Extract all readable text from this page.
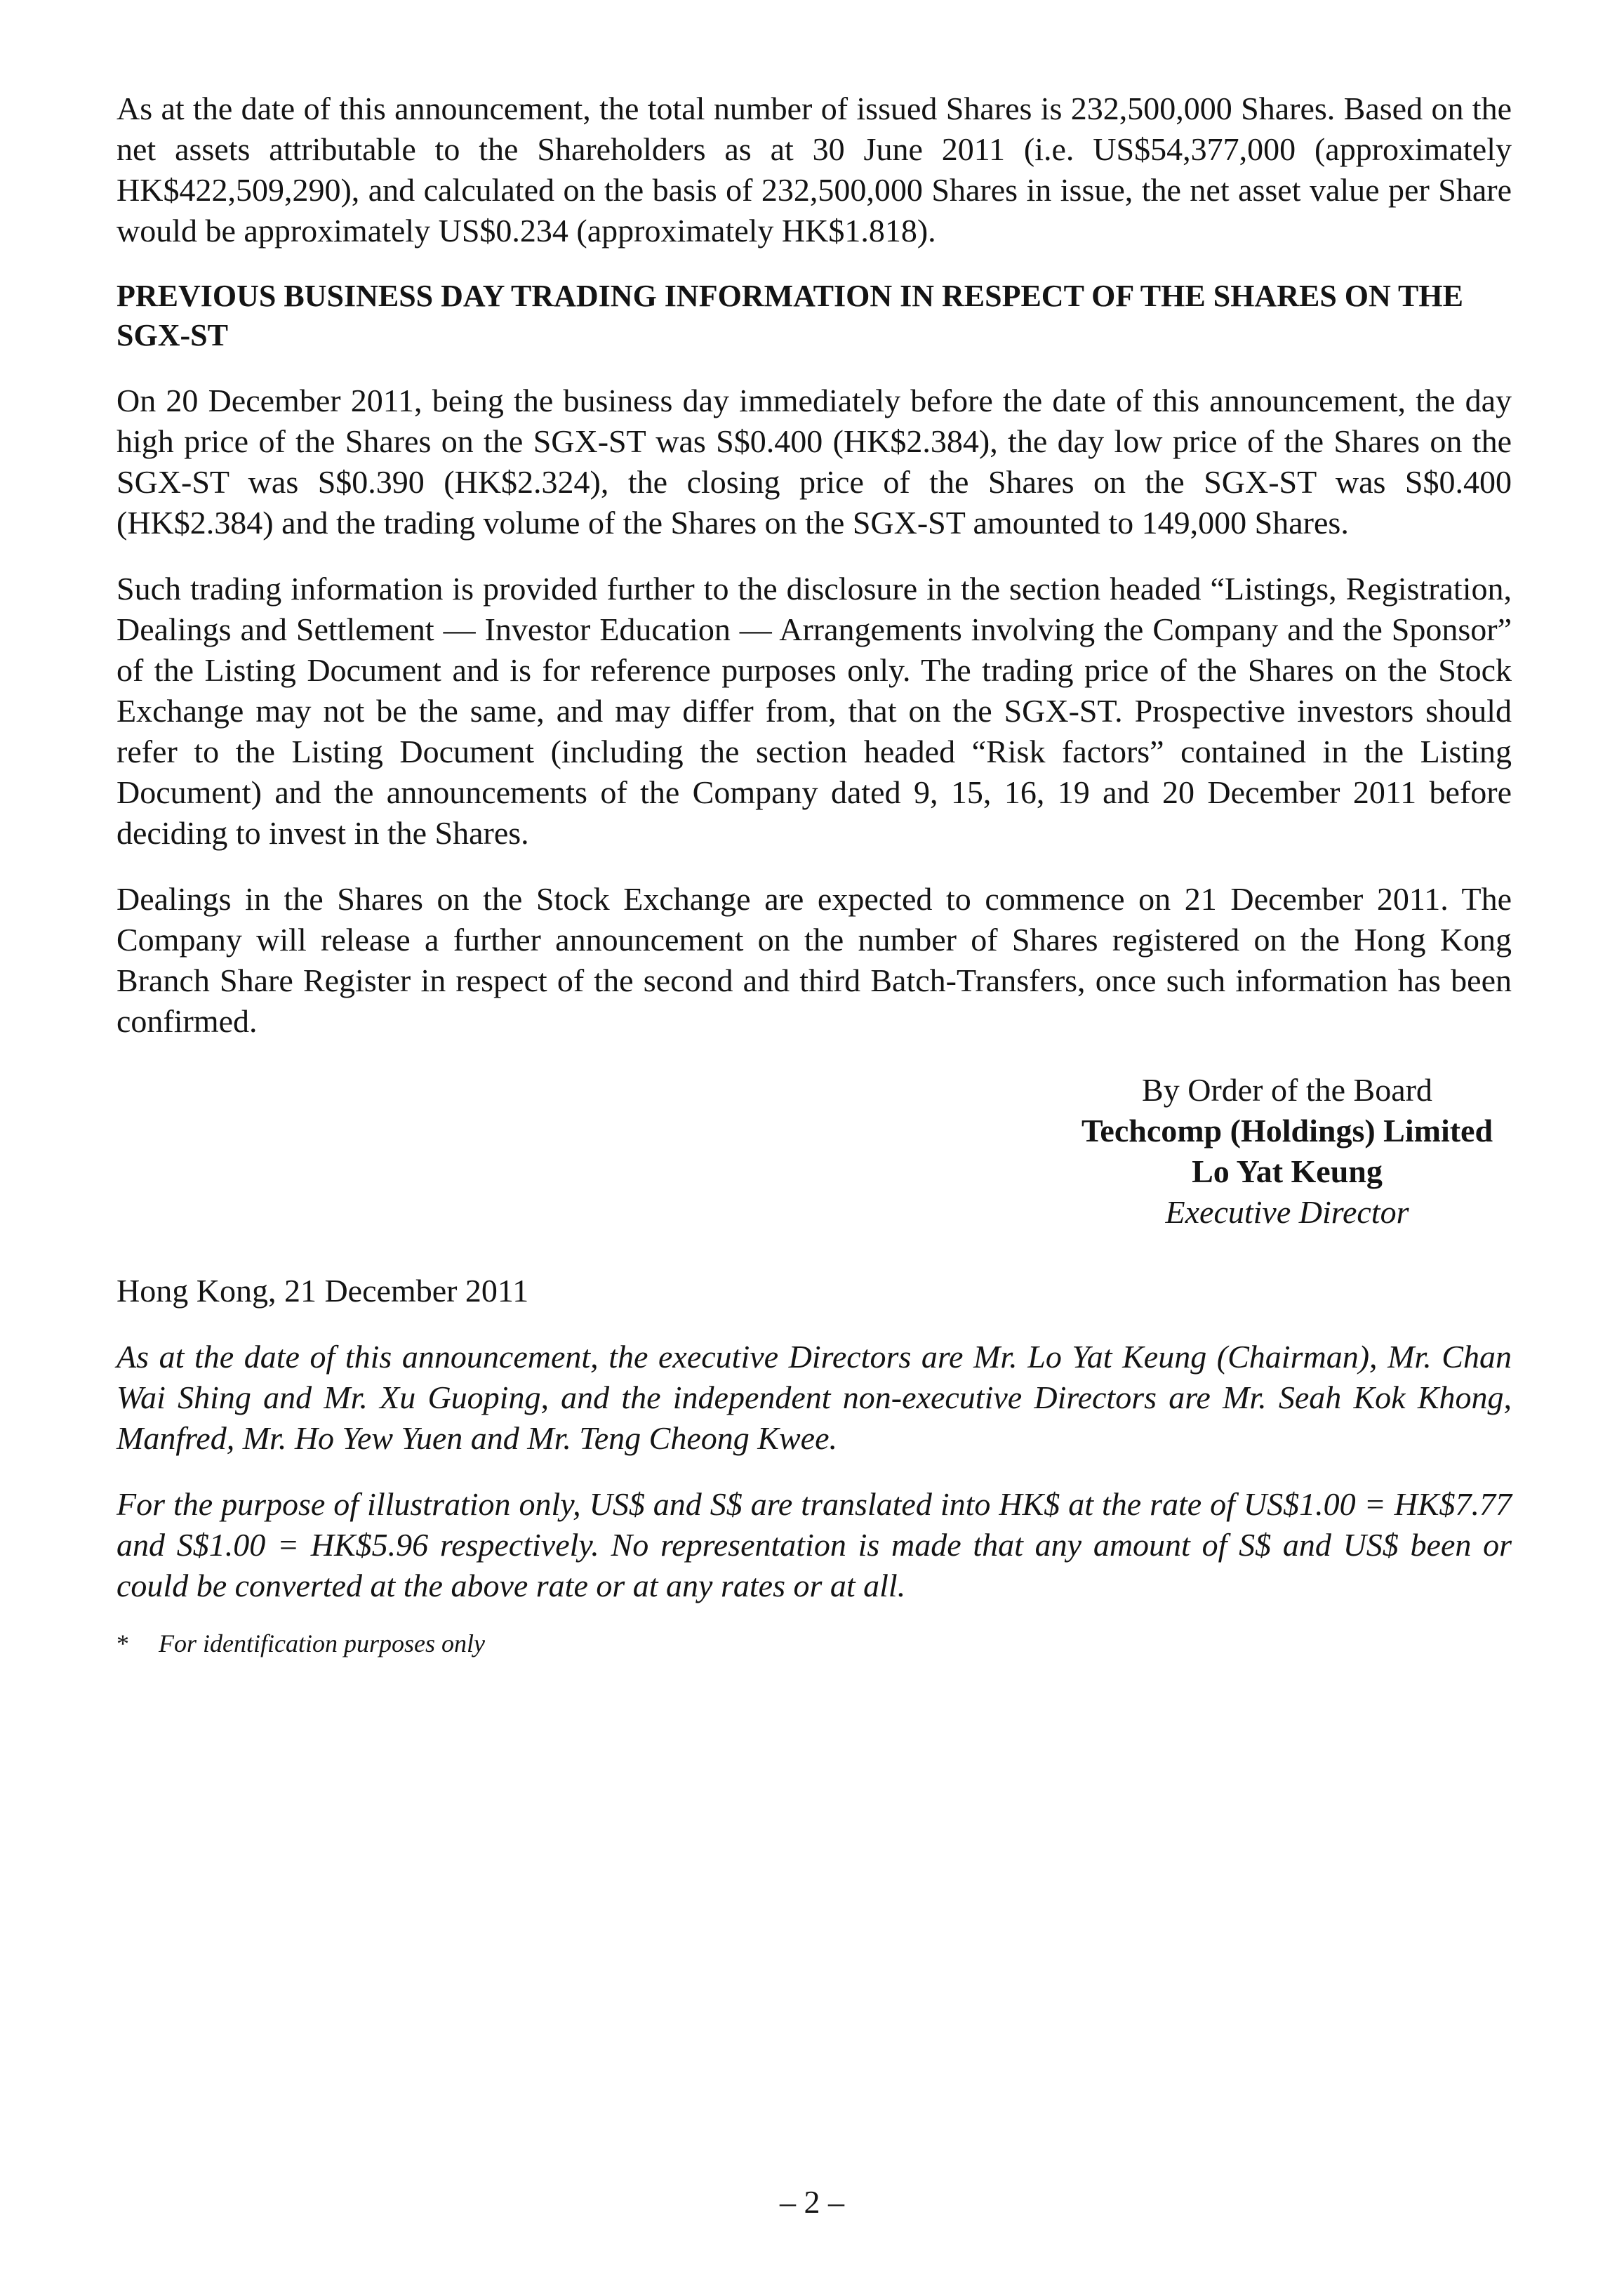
As at the date of this announcement, the total number of issued Shares is 232,500,000 Shares. Based on the net assets attributable to the Shareholders as at 30 June 2011 (i.e. US$54,377,000 (approximately HK$422,509,290), and calculated on the basis of 232,500,000 Shares in issue, the net asset value per Share would be approximately US$0.234 (approximately HK$1.818).

PREVIOUS BUSINESS DAY TRADING INFORMATION IN RESPECT OF THE SHARES ON THE SGX-ST

On 20 December 2011, being the business day immediately before the date of this announcement, the day high price of the Shares on the SGX-ST was S$0.400 (HK$2.384), the day low price of the Shares on the SGX-ST was S$0.390 (HK$2.324), the closing price of the Shares on the SGX-ST was S$0.400 (HK$2.384) and the trading volume of the Shares on the SGX-ST amounted to 149,000 Shares.

Such trading information is provided further to the disclosure in the section headed “Listings, Registration, Dealings and Settlement — Investor Education — Arrangements involving the Company and the Sponsor” of the Listing Document and is for reference purposes only. The trading price of the Shares on the Stock Exchange may not be the same, and may differ from, that on the SGX-ST. Prospective investors should refer to the Listing Document (including the section headed “Risk factors” contained in the Listing Document) and the announcements of the Company dated 9, 15, 16, 19 and 20 December 2011 before deciding to invest in the Shares.

Dealings in the Shares on the Stock Exchange are expected to commence on 21 December 2011. The Company will release a further announcement on the number of Shares registered on the Hong Kong Branch Share Register in respect of the second and third Batch-Transfers, once such information has been confirmed.

By Order of the Board
Techcomp (Holdings) Limited
Lo Yat Keung
Executive Director
Hong Kong, 21 December 2011

As at the date of this announcement, the executive Directors are Mr. Lo Yat Keung (Chairman), Mr. Chan Wai Shing and Mr. Xu Guoping, and the independent non-executive Directors are Mr. Seah Kok Khong, Manfred, Mr. Ho Yew Yuen and Mr. Teng Cheong Kwee.

For the purpose of illustration only, US$ and S$ are translated into HK$ at the rate of US$1.00 = HK$7.77 and S$1.00 = HK$5.96 respectively. No representation is made that any amount of S$ and US$ been or could be converted at the above rate or at any rates or at all.

*	For identification purposes only
– 2 –
